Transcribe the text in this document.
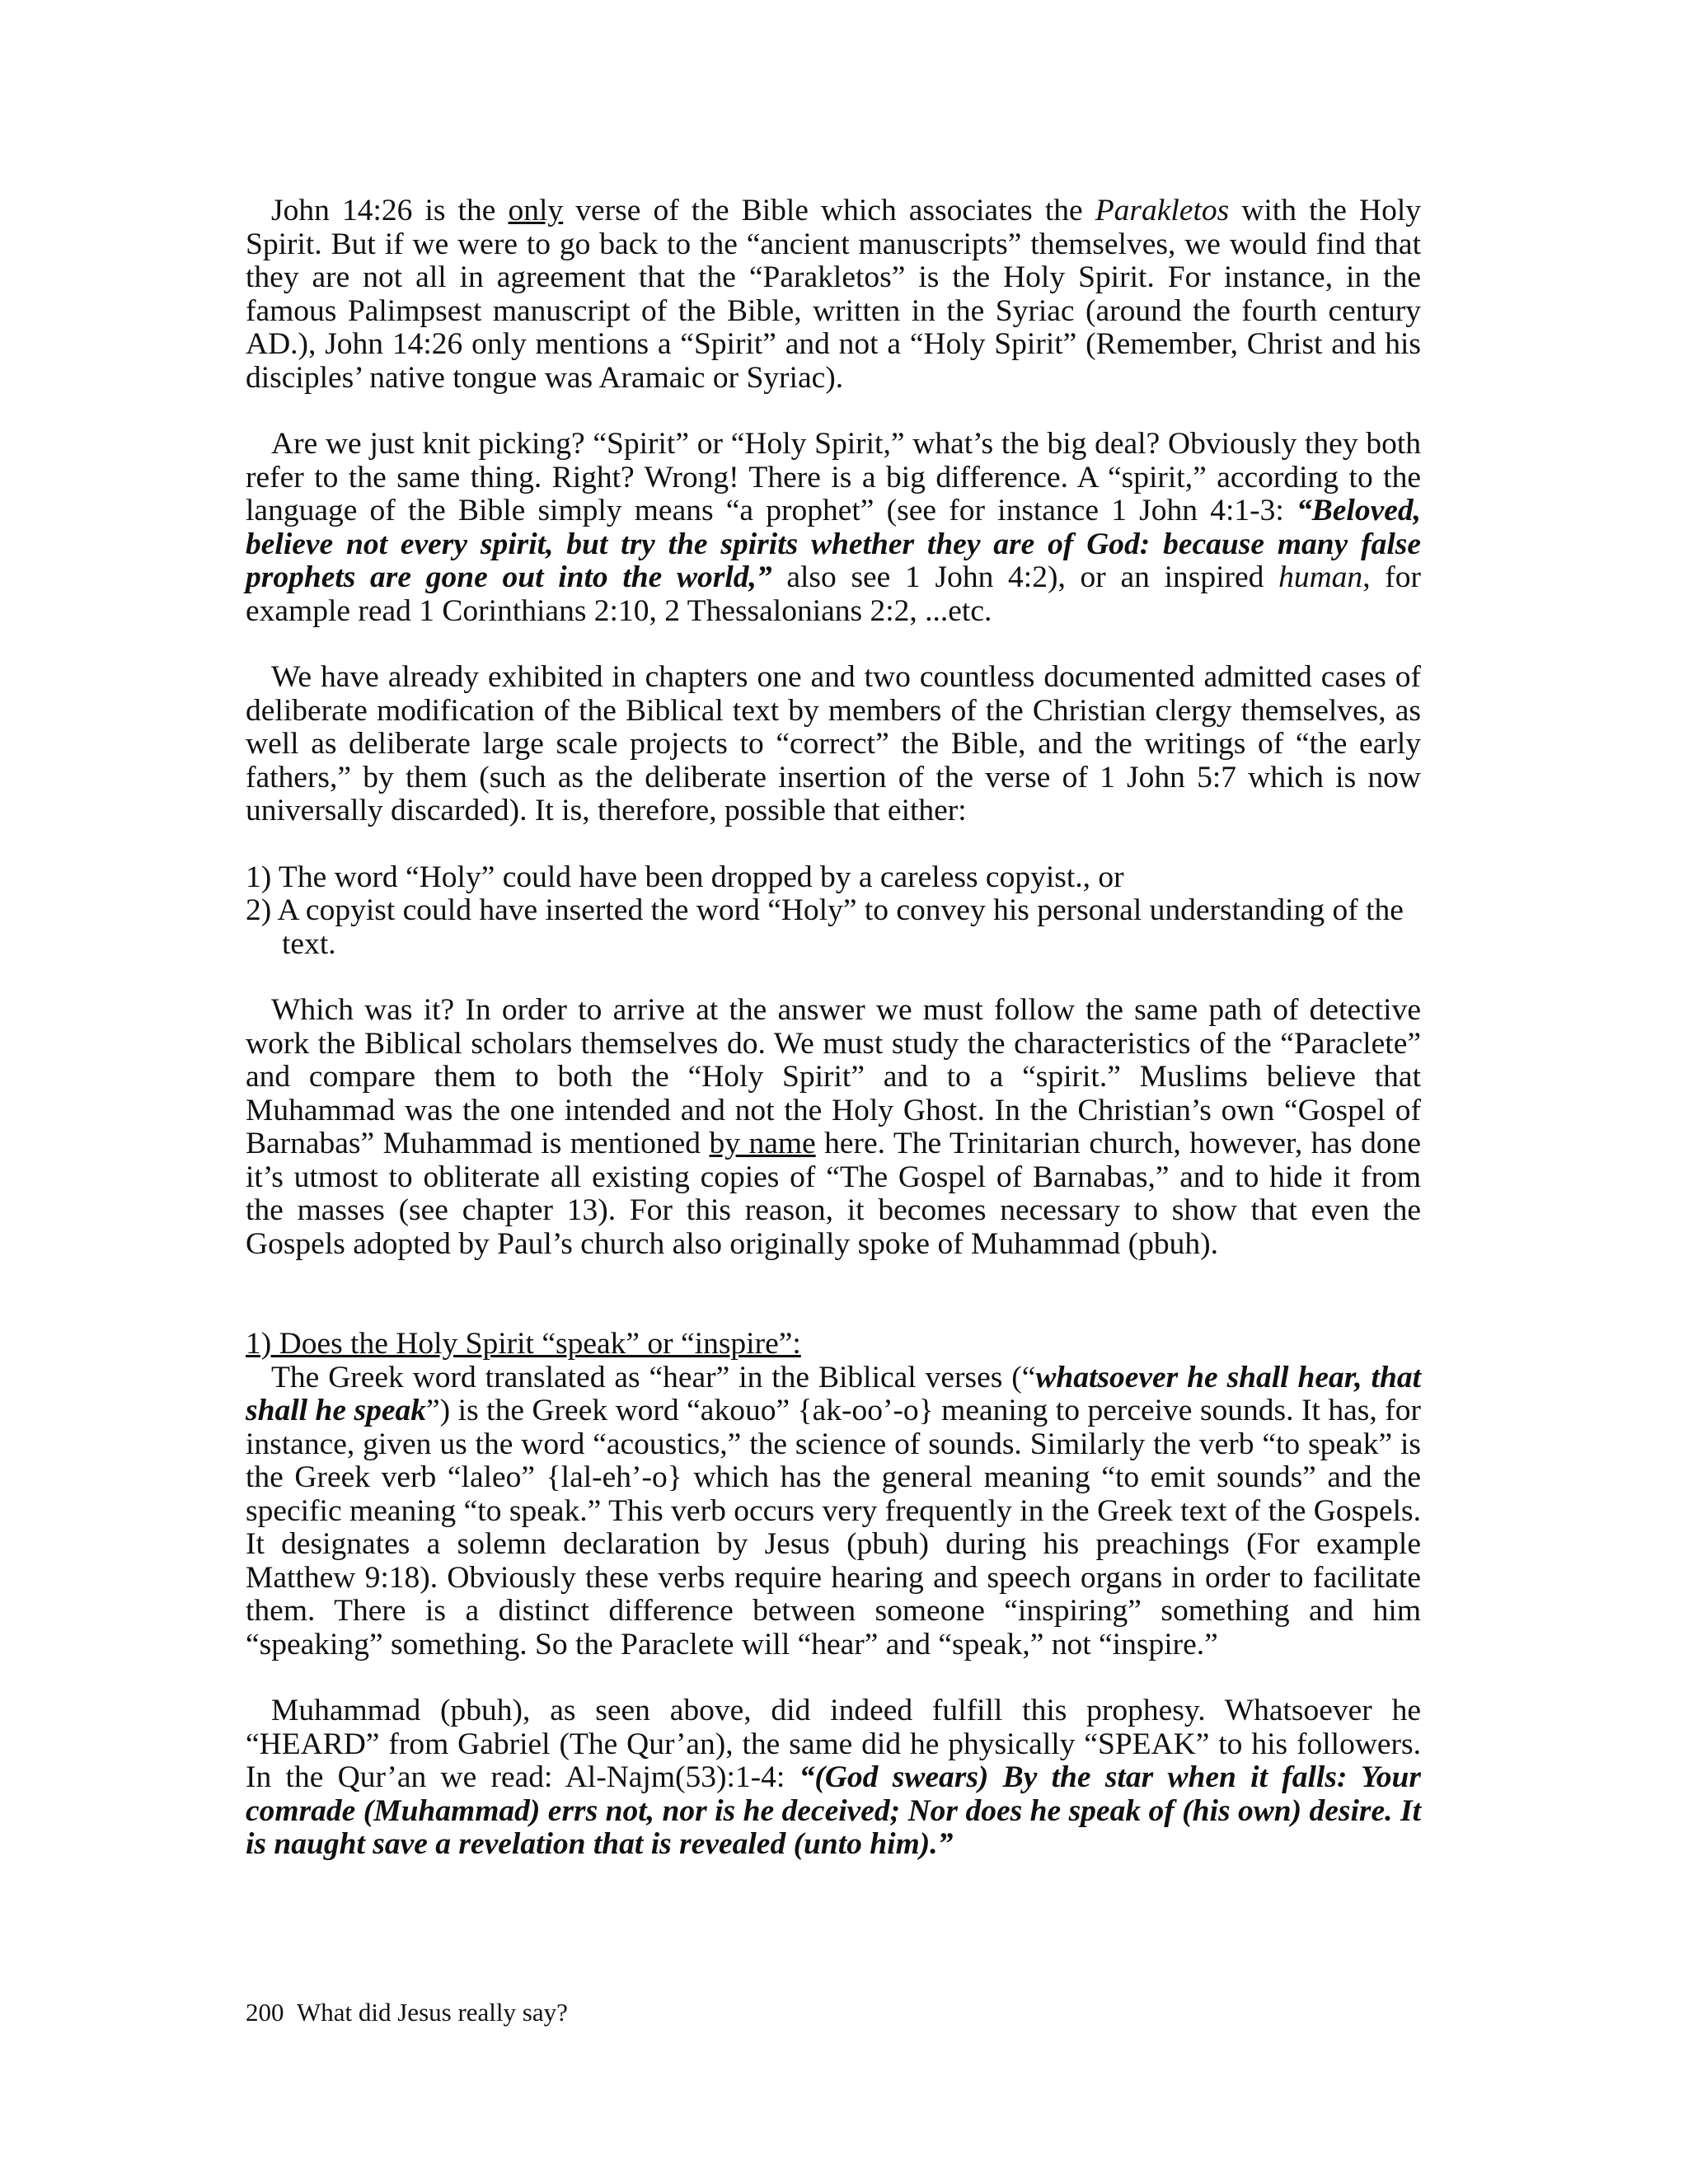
John 14:26 is the only verse of the Bible which associates the Parakletos with the Holy Spirit. But if we were to go back to the “ancient manuscripts” themselves, we would find that they are not all in agreement that the “Parakletos” is the Holy Spirit. For instance, in the famous Palimpsest manuscript of the Bible, written in the Syriac (around the fourth century AD.), John 14:26 only mentions a “Spirit” and not a “Holy Spirit” (Remember, Christ and his disciples’ native tongue was Aramaic or Syriac).

Are we just knit picking? “Spirit” or “Holy Spirit,” what’s the big deal? Obviously they both refer to the same thing. Right? Wrong! There is a big difference. A “spirit,” according to the language of the Bible simply means “a prophet” (see for instance 1 John 4:1-3: “Beloved, believe not every spirit, but try the spirits whether they are of God: because many false prophets are gone out into the world,” also see 1 John 4:2), or an inspired human, for example read 1 Corinthians 2:10, 2 Thessalonians 2:2, ...etc.

We have already exhibited in chapters one and two countless documented admitted cases of deliberate modification of the Biblical text by members of the Christian clergy themselves, as well as deliberate large scale projects to “correct” the Bible, and the writings of “the early fathers,” by them (such as the deliberate insertion of the verse of 1 John 5:7 which is now universally discarded). It is, therefore, possible that either:

1) The word “Holy” could have been dropped by a careless copyist., or
2) A copyist could have inserted the word “Holy” to convey his personal understanding of the text.

Which was it? In order to arrive at the answer we must follow the same path of detective work the Biblical scholars themselves do. We must study the characteristics of the “Paraclete” and compare them to both the “Holy Spirit” and to a “spirit.” Muslims believe that Muhammad was the one intended and not the Holy Ghost. In the Christian’s own “Gospel of Barnabas” Muhammad is mentioned by name here. The Trinitarian church, however, has done it’s utmost to obliterate all existing copies of “The Gospel of Barnabas,” and to hide it from the masses (see chapter 13). For this reason, it becomes necessary to show that even the Gospels adopted by Paul’s church also originally spoke of Muhammad (pbuh).

1) Does the Holy Spirit “speak” or “inspire”:

The Greek word translated as “hear” in the Biblical verses (“whatsoever he shall hear, that shall he speak”) is the Greek word “akouo” {ak-oo’-o} meaning to perceive sounds. It has, for instance, given us the word “acoustics,” the science of sounds. Similarly the verb “to speak” is the Greek verb “laleo” {lal-eh’-o} which has the general meaning “to emit sounds” and the specific meaning “to speak.” This verb occurs very frequently in the Greek text of the Gospels. It designates a solemn declaration by Jesus (pbuh) during his preachings (For example Matthew 9:18). Obviously these verbs require hearing and speech organs in order to facilitate them. There is a distinct difference between someone “inspiring” something and him “speaking” something. So the Paraclete will “hear” and “speak,” not “inspire.”

Muhammad (pbuh), as seen above, did indeed fulfill this prophesy. Whatsoever he “HEARD” from Gabriel (The Qur’an), the same did he physically “SPEAK” to his followers. In the Qur’an we read: Al-Najm(53):1-4: “(God swears) By the star when it falls: Your comrade (Muhammad) errs not, nor is he deceived; Nor does he speak of (his own) desire. It is naught save a revelation that is revealed (unto him).”

200 What did Jesus really say?
